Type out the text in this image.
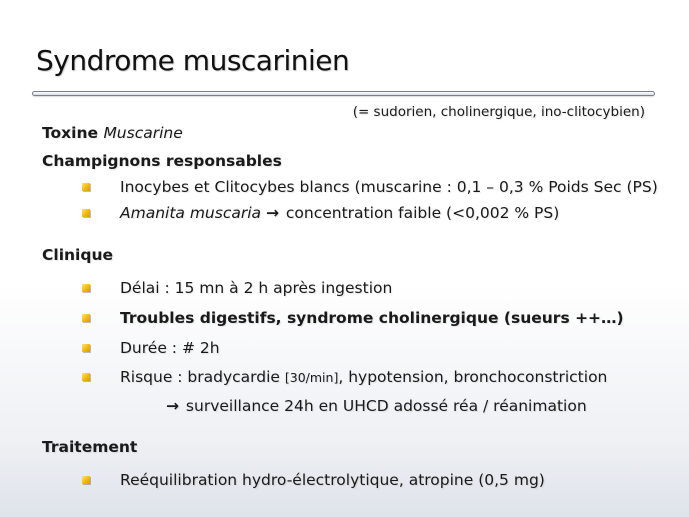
Syndrome muscarinien
(= sudorien, cholinergique, ino-clitocybien)
Toxine Muscarine
Champignons responsables
Inocybes et Clitocybes blancs (muscarine : 0,1 – 0,3 % Poids Sec (PS)
Amanita muscaria → concentration faible (<0,002 % PS)
Clinique
Délai : 15 mn à 2 h après ingestion
Troubles digestifs, syndrome cholinergique (sueurs ++…)
Durée : # 2h
Risque : bradycardie [30/min], hypotension, bronchoconstriction
→ surveillance 24h en UHCD adossé réa / réanimation
Traitement
Reéquilibration hydro-électrolytique, atropine (0,5 mg)
